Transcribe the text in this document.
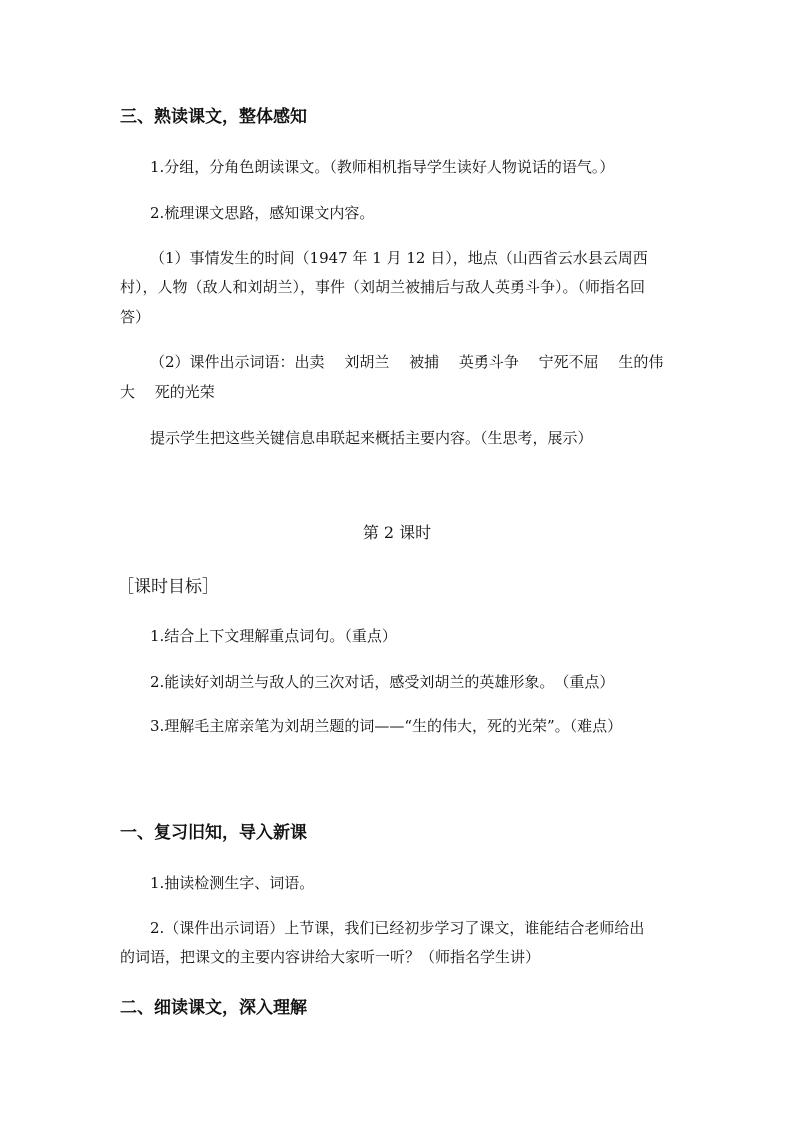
三、熟读课文，整体感知
1.分组，分角色朗读课文。（教师相机指导学生读好人物说话的语气。）
2.梳理课文思路，感知课文内容。
（1）事情发生的时间（1947 年 1 月 12 日），地点（山西省云水县云周西
村），人物（敌人和刘胡兰），事件（刘胡兰被捕后与敌人英勇斗争）。（师指名回
答）
（2）课件出示词语：出卖　 刘胡兰　 被捕　 英勇斗争　 宁死不屈　 生的伟
大　 死的光荣
提示学生把这些关键信息串联起来概括主要内容。（生思考，展示）
第 2 课时
［课时目标］
1.结合上下文理解重点词句。（重点）
2.能读好刘胡兰与敌人的三次对话，感受刘胡兰的英雄形象。　（重点）
3.理解毛主席亲笔为刘胡兰题的词——“生的伟大，死的光荣”。（难点）
一、复习旧知，导入新课
1.抽读检测生字、词语。
2.（课件出示词语）上节课，我们已经初步学习了课文，谁能结合老师给出
的词语，把课文的主要内容讲给大家听一听？（师指名学生讲）
二、细读课文，深入理解
